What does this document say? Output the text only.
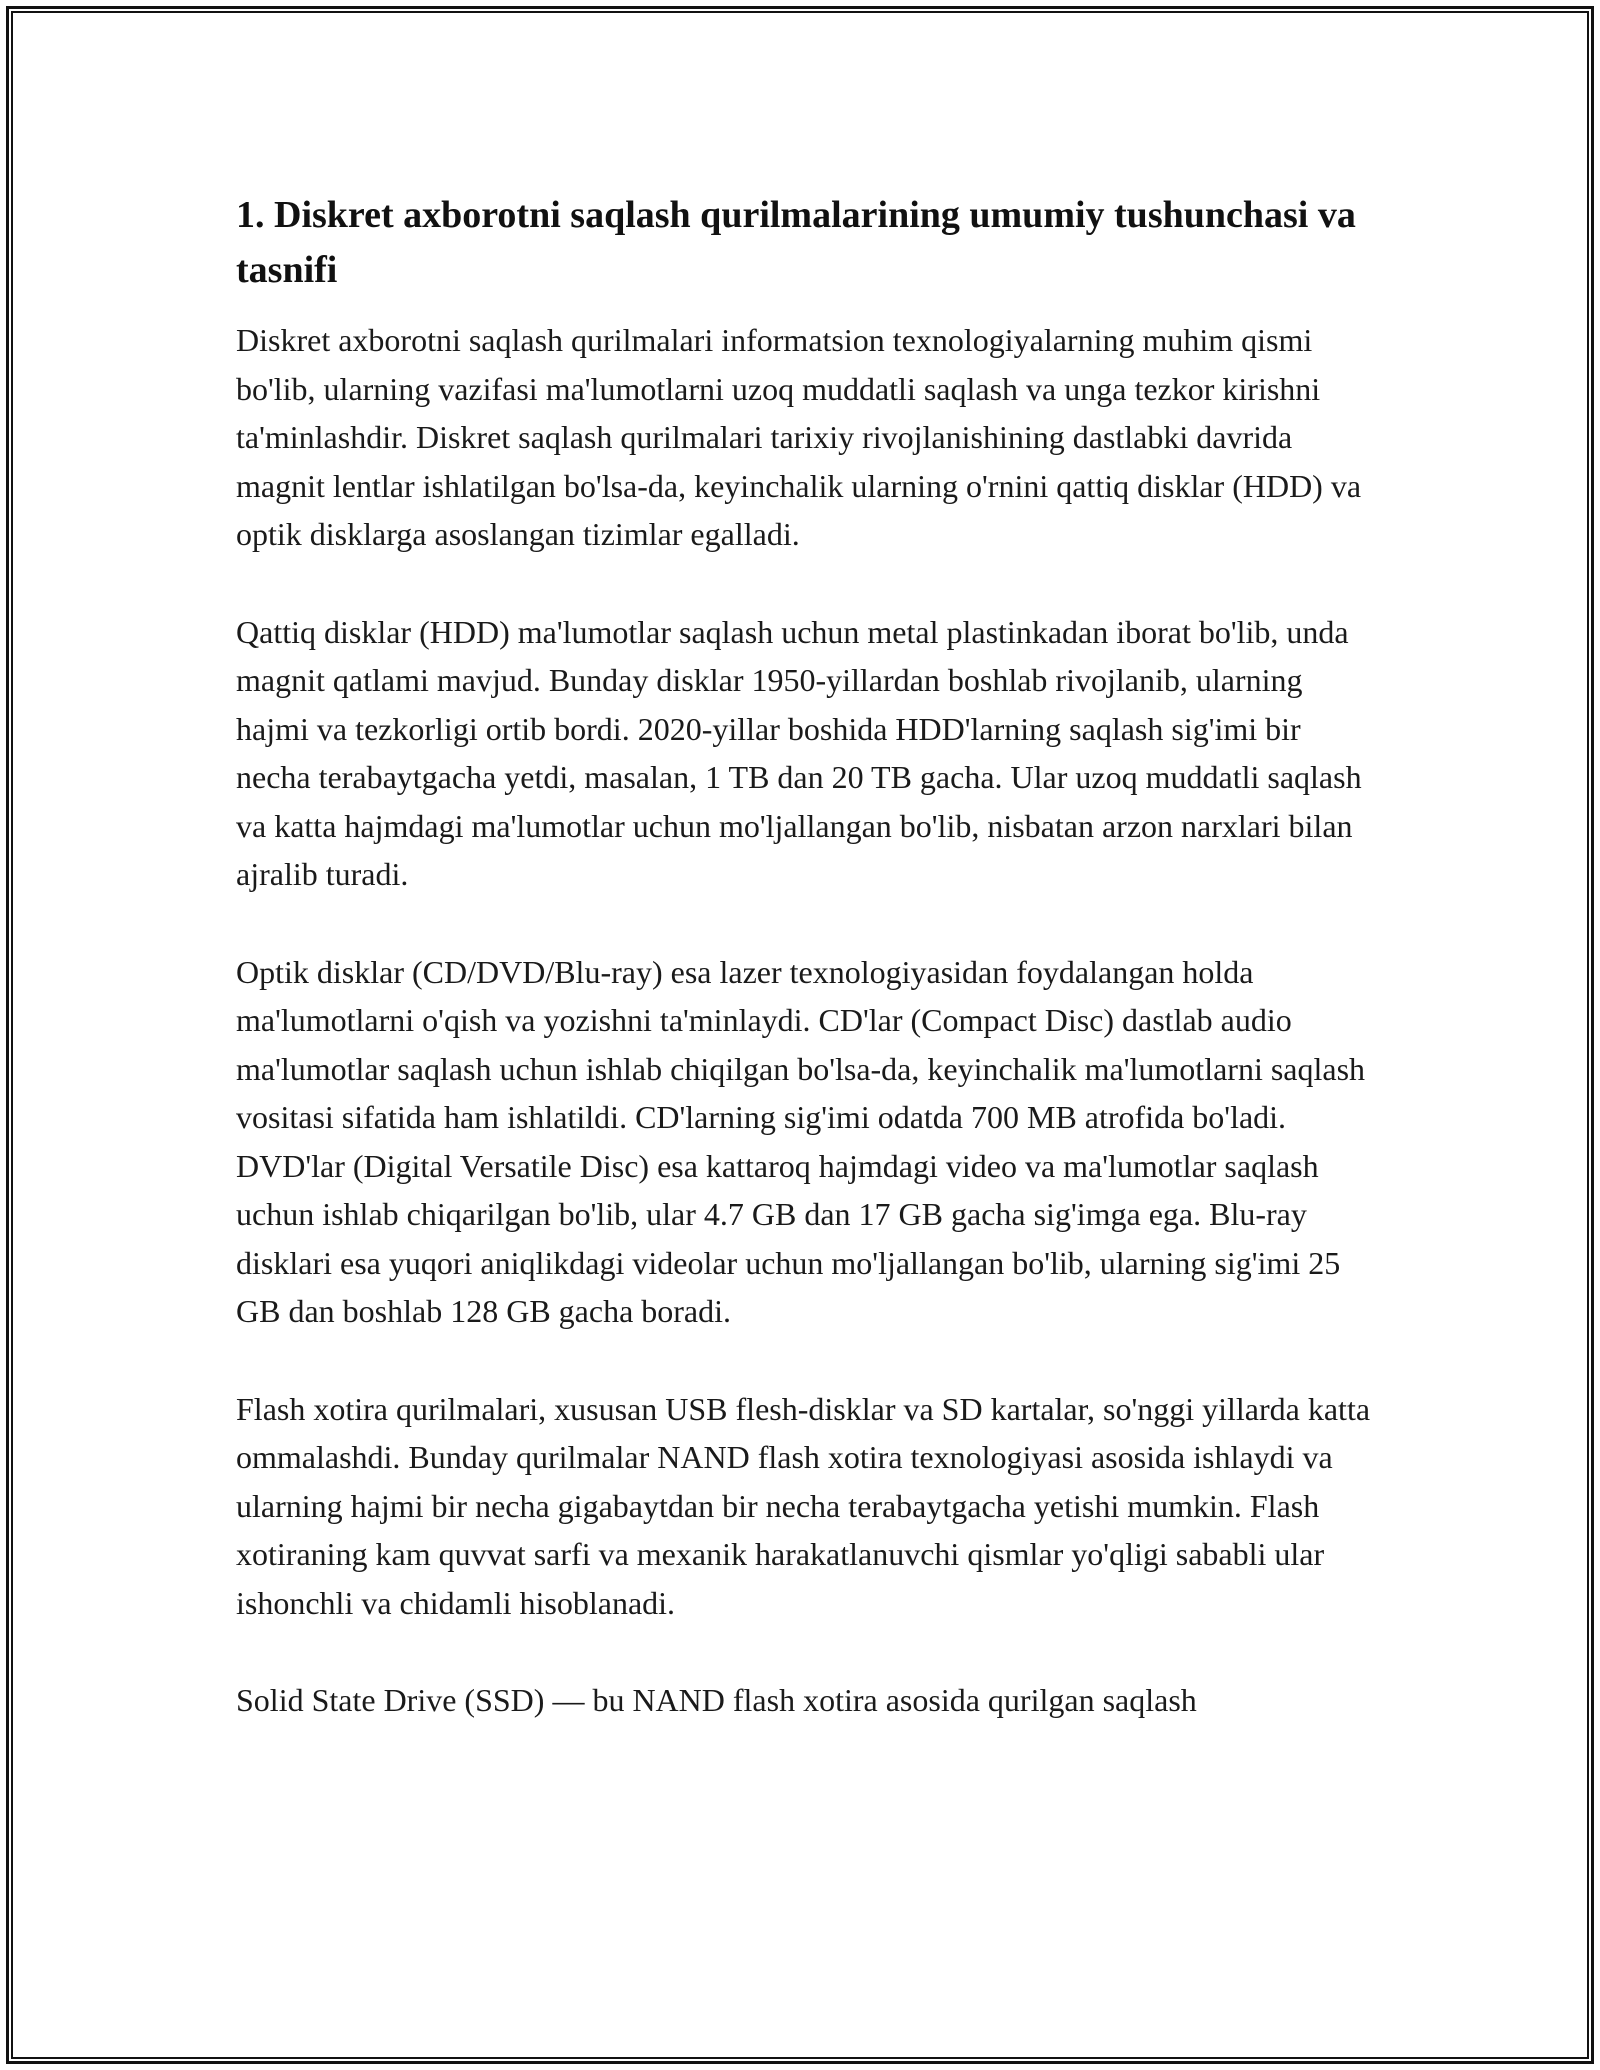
1. Diskret axborotni saqlash qurilmalarining umumiy tushunchasi va tasnifi

Diskret axborotni saqlash qurilmalari informatsion texnologiyalarning muhim qismi bo'lib, ularning vazifasi ma'lumotlarni uzoq muddatli saqlash va unga tezkor kirishni ta'minlashdir. Diskret saqlash qurilmalari tarixiy rivojlanishining dastlabki davrida magnit lentlar ishlatilgan bo'lsa-da, keyinchalik ularning o'rnini qattiq disklar (HDD) va optik disklarga asoslangan tizimlar egalladi.

Qattiq disklar (HDD) ma'lumotlar saqlash uchun metal plastinkadan iborat bo'lib, unda magnit qatlami mavjud. Bunday disklar 1950-yillardan boshlab rivojlanib, ularning hajmi va tezkorligi ortib bordi. 2020-yillar boshida HDD'larning saqlash sig'imi bir necha terabaytgacha yetdi, masalan, 1 TB dan 20 TB gacha. Ular uzoq muddatli saqlash va katta hajmdagi ma'lumotlar uchun mo'ljallangan bo'lib, nisbatan arzon narxlari bilan ajralib turadi.

Optik disklar (CD/DVD/Blu-ray) esa lazer texnologiyasidan foydalangan holda ma'lumotlarni o'qish va yozishni ta'minlaydi. CD'lar (Compact Disc) dastlab audio ma'lumotlar saqlash uchun ishlab chiqilgan bo'lsa-da, keyinchalik ma'lumotlarni saqlash vositasi sifatida ham ishlatildi. CD'larning sig'imi odatda 700 MB atrofida bo'ladi. DVD'lar (Digital Versatile Disc) esa kattaroq hajmdagi video va ma'lumotlar saqlash uchun ishlab chiqarilgan bo'lib, ular 4.7 GB dan 17 GB gacha sig'imga ega. Blu-ray disklari esa yuqori aniqlikdagi videolar uchun mo'ljallangan bo'lib, ularning sig'imi 25 GB dan boshlab 128 GB gacha boradi.

Flash xotira qurilmalari, xususan USB flesh-disklar va SD kartalar, so'nggi yillarda katta ommalashdi. Bunday qurilmalar NAND flash xotira texnologiyasi asosida ishlaydi va ularning hajmi bir necha gigabaytdan bir necha terabaytgacha yetishi mumkin. Flash xotiraning kam quvvat sarfi va mexanik harakatlanuvchi qismlar yo'qligi sababli ular ishonchli va chidamli hisoblanadi.

Solid State Drive (SSD) — bu NAND flash xotira asosida qurilgan saqlash
